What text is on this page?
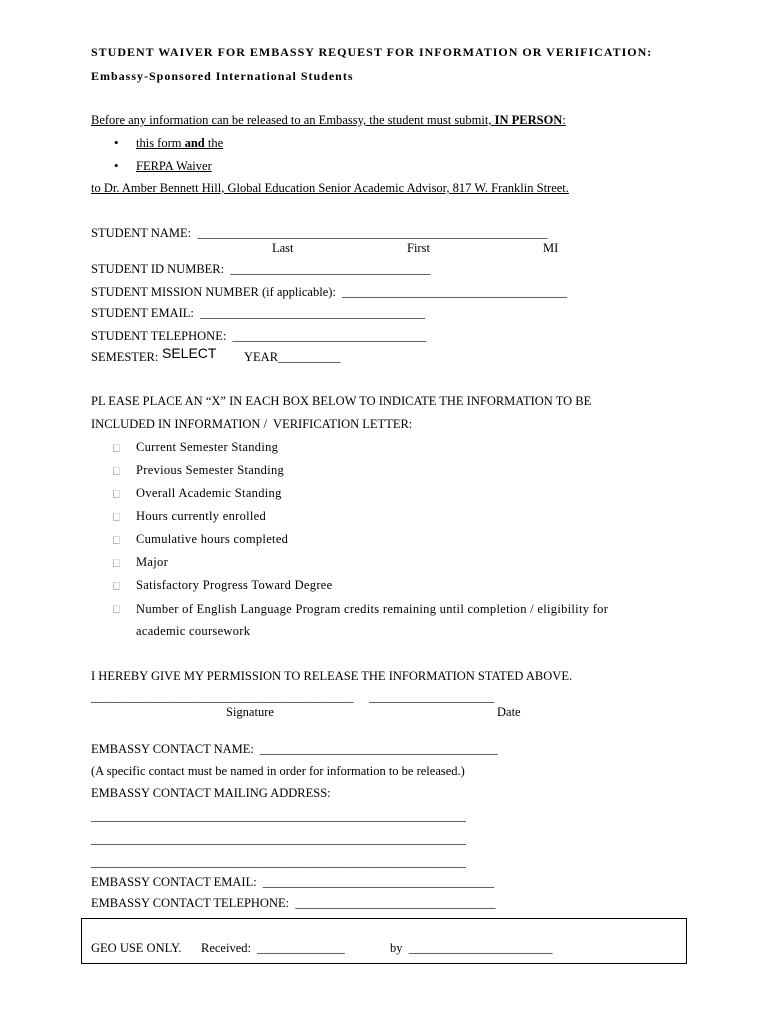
STUDENT WAIVER FOR EMBASSY REQUEST FOR INFORMATION OR VERIFICATION:
Embassy-Sponsored International Students
Before any information can be released to an Embassy, the student must submit, IN PERSON:
• this form and the
• FERPA Waiver
to Dr. Amber Bennett Hill, Global Education Senior Academic Advisor, 817 W. Franklin Street.
STUDENT NAME:  ________________________________________________________
Last	First	MI
STUDENT ID NUMBER:  ________________________________
STUDENT MISSION NUMBER (if applicable):  ____________________________________
STUDENT EMAIL:  ____________________________________
STUDENT TELEPHONE:  _______________________________
SEMESTER: SELECT	YEAR__________
PL EASE PLACE AN “X” IN EACH BOX BELOW TO INDICATE THE INFORMATION TO BE
INCLUDED IN INFORMATION /  VERIFICATION LETTER:
Current Semester Standing
Previous Semester Standing
Overall Academic Standing
Hours currently enrolled
Cumulative hours completed
Major
Satisfactory Progress Toward Degree
Number of English Language Program credits remaining until completion / eligibility for
academic coursework
I HEREBY GIVE MY PERMISSION TO RELEASE THE INFORMATION STATED ABOVE.
__________________________________________     ____________________
Signature	Date
EMBASSY CONTACT NAME:  ______________________________________
(A specific contact must be named in order for information to be released.)
EMBASSY CONTACT MAILING ADDRESS:
____________________________________________________________
____________________________________________________________
____________________________________________________________
EMBASSY CONTACT EMAIL:  _____________________________________
EMBASSY CONTACT TELEPHONE:  ________________________________
GEO USE ONLY. Received:  ______________	by  _______________________
